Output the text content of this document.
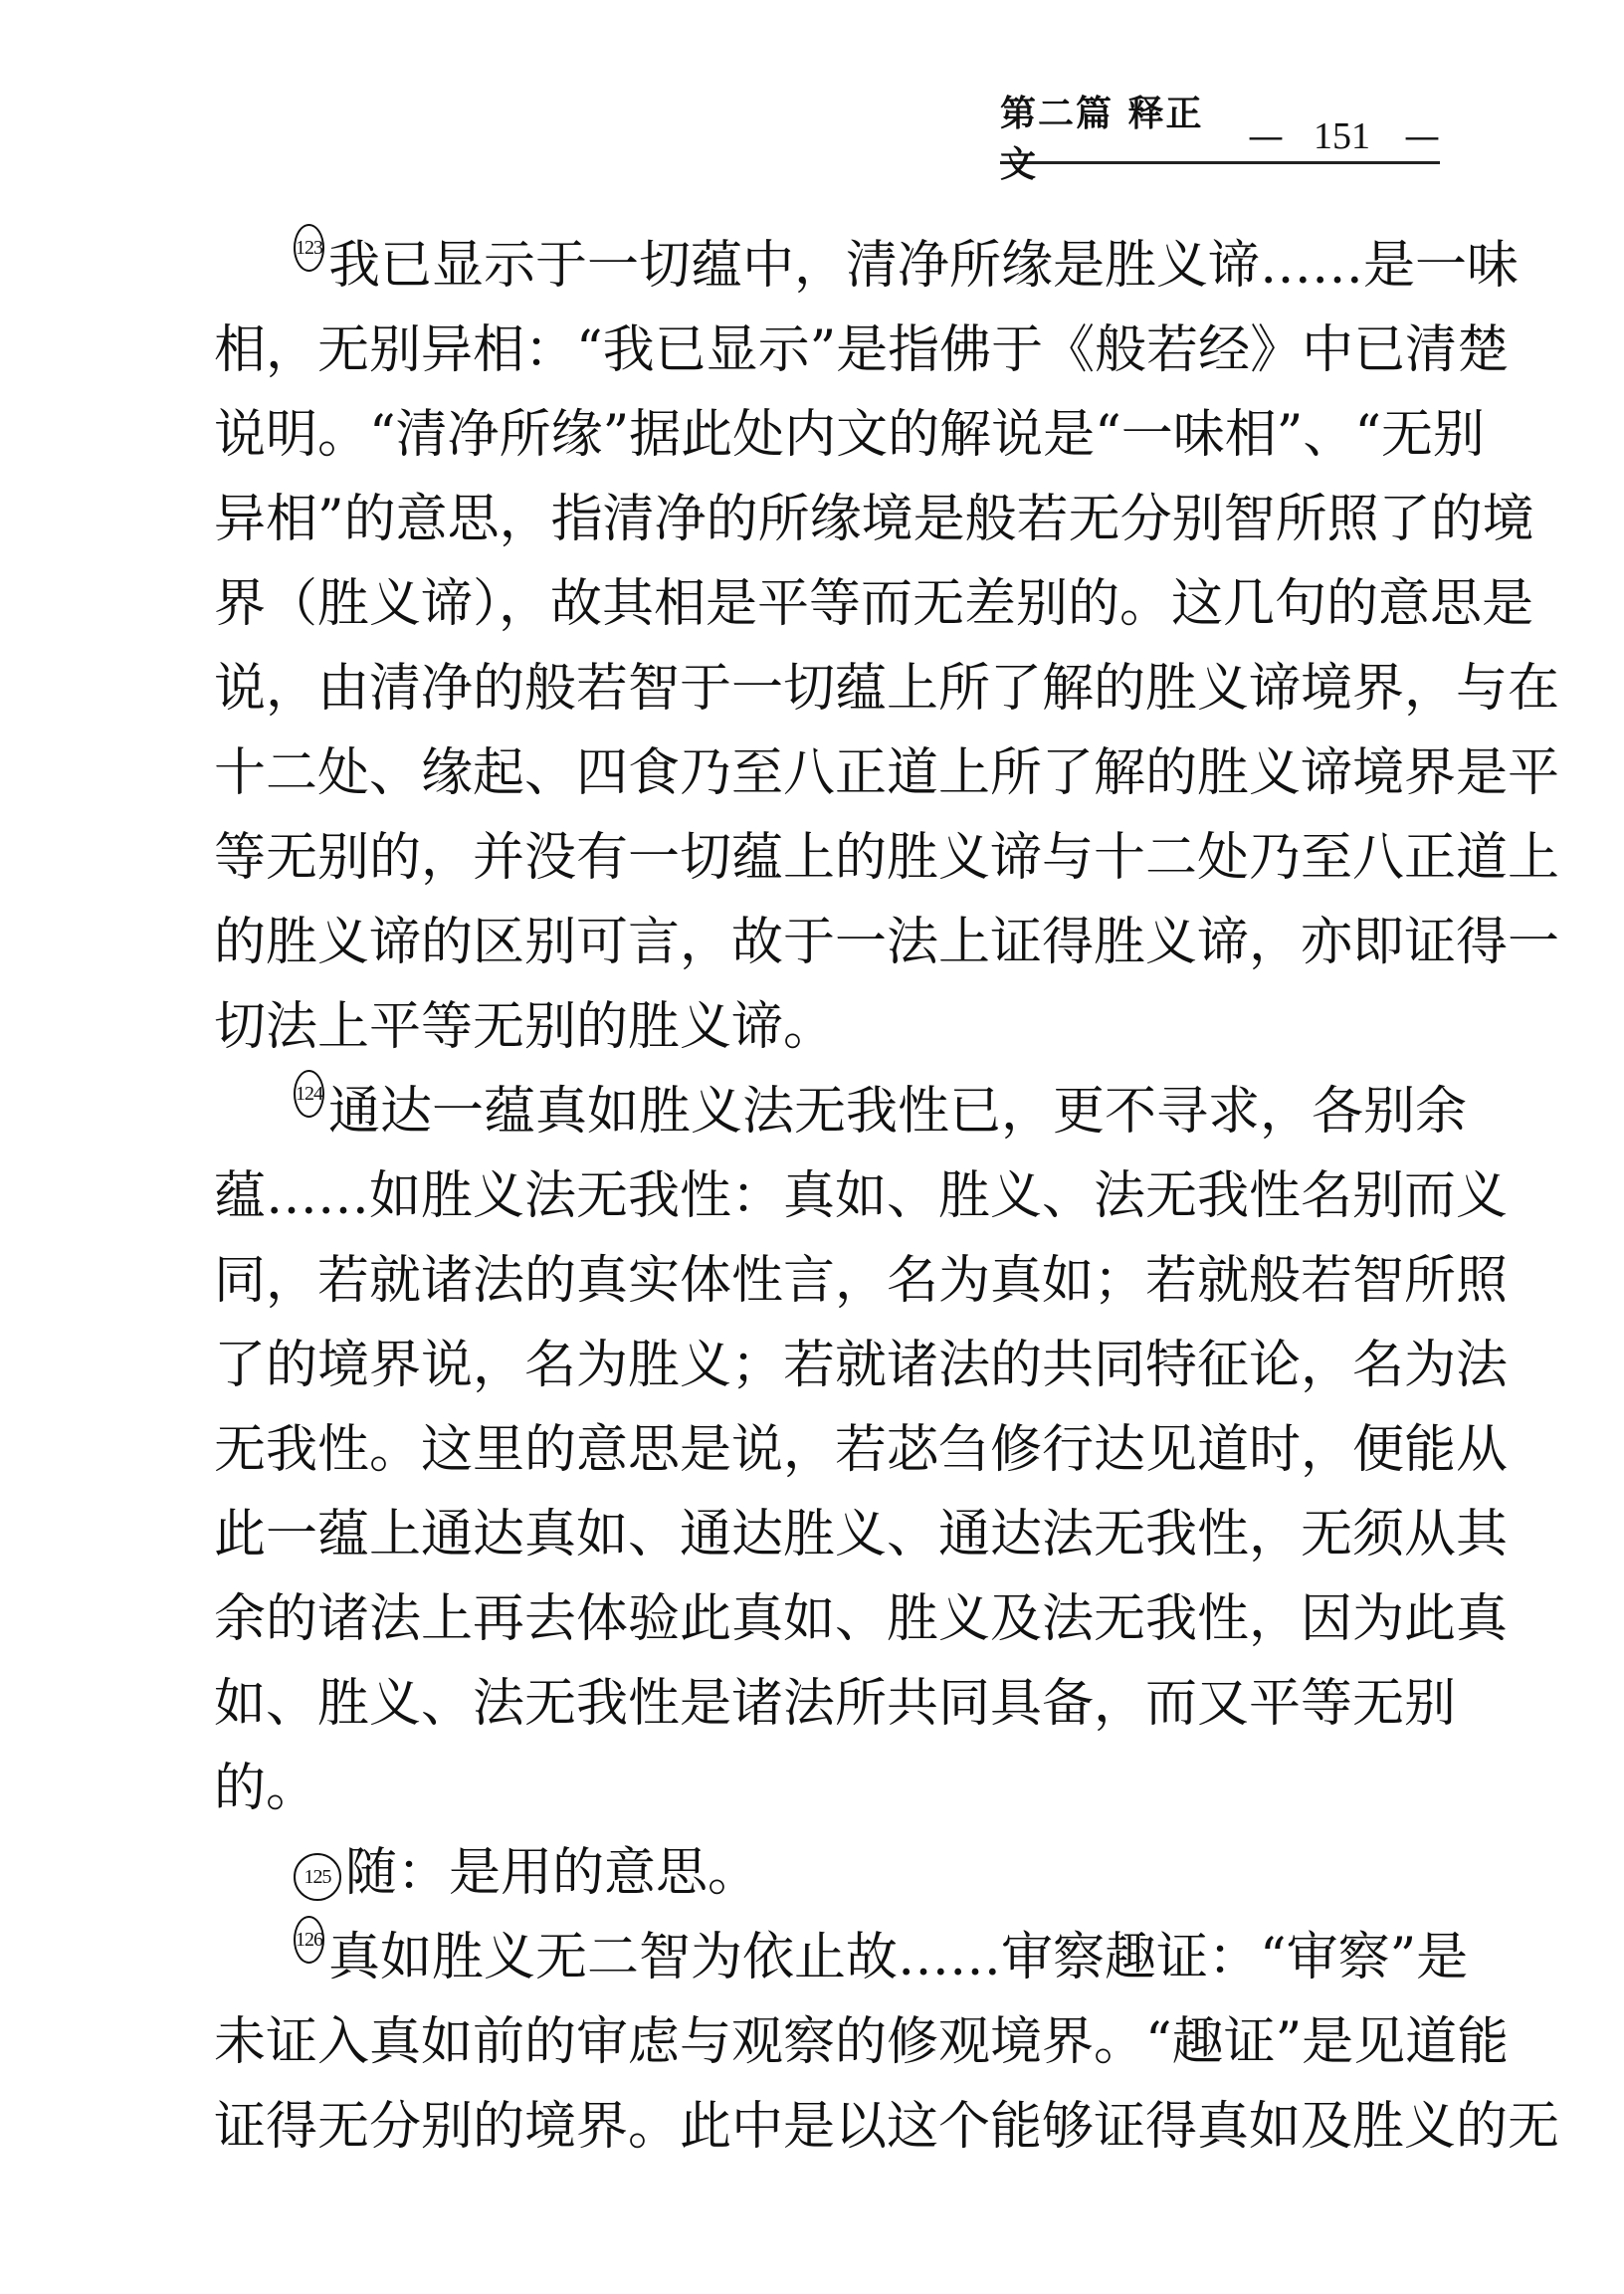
第二篇 释正文
— 151 —
123 我已显示于一切蕴中，清净所缘是胜义谛……是一味
相，无别异相：“我已显示”是指佛于《般若经》中已清楚
说明。“清净所缘”据此处内文的解说是“一味相”、“无别
异相”的意思，指清净的所缘境是般若无分别智所照了的境
界（胜义谛），故其相是平等而无差别的。这几句的意思是
说，由清净的般若智于一切蕴上所了解的胜义谛境界，与在
十二处、缘起、四食乃至八正道上所了解的胜义谛境界是平
等无别的，并没有一切蕴上的胜义谛与十二处乃至八正道上
的胜义谛的区别可言，故于一法上证得胜义谛，亦即证得一
切法上平等无别的胜义谛。
124 通达一蕴真如胜义法无我性已，更不寻求，各别余
蕴……如胜义法无我性：真如、胜义、法无我性名别而义
同，若就诸法的真实体性言，名为真如；若就般若智所照
了的境界说，名为胜义；若就诸法的共同特征论，名为法
无我性。这里的意思是说，若苾刍修行达见道时，便能从
此一蕴上通达真如、通达胜义、通达法无我性，无须从其
余的诸法上再去体验此真如、胜义及法无我性，因为此真
如、胜义、法无我性是诸法所共同具备，而又平等无别
的。
125 随：是用的意思。
126 真如胜义无二智为依止故……审察趣证：“审察”是
未证入真如前的审虑与观察的修观境界。“趣证”是见道能
证得无分别的境界。此中是以这个能够证得真如及胜义的无
